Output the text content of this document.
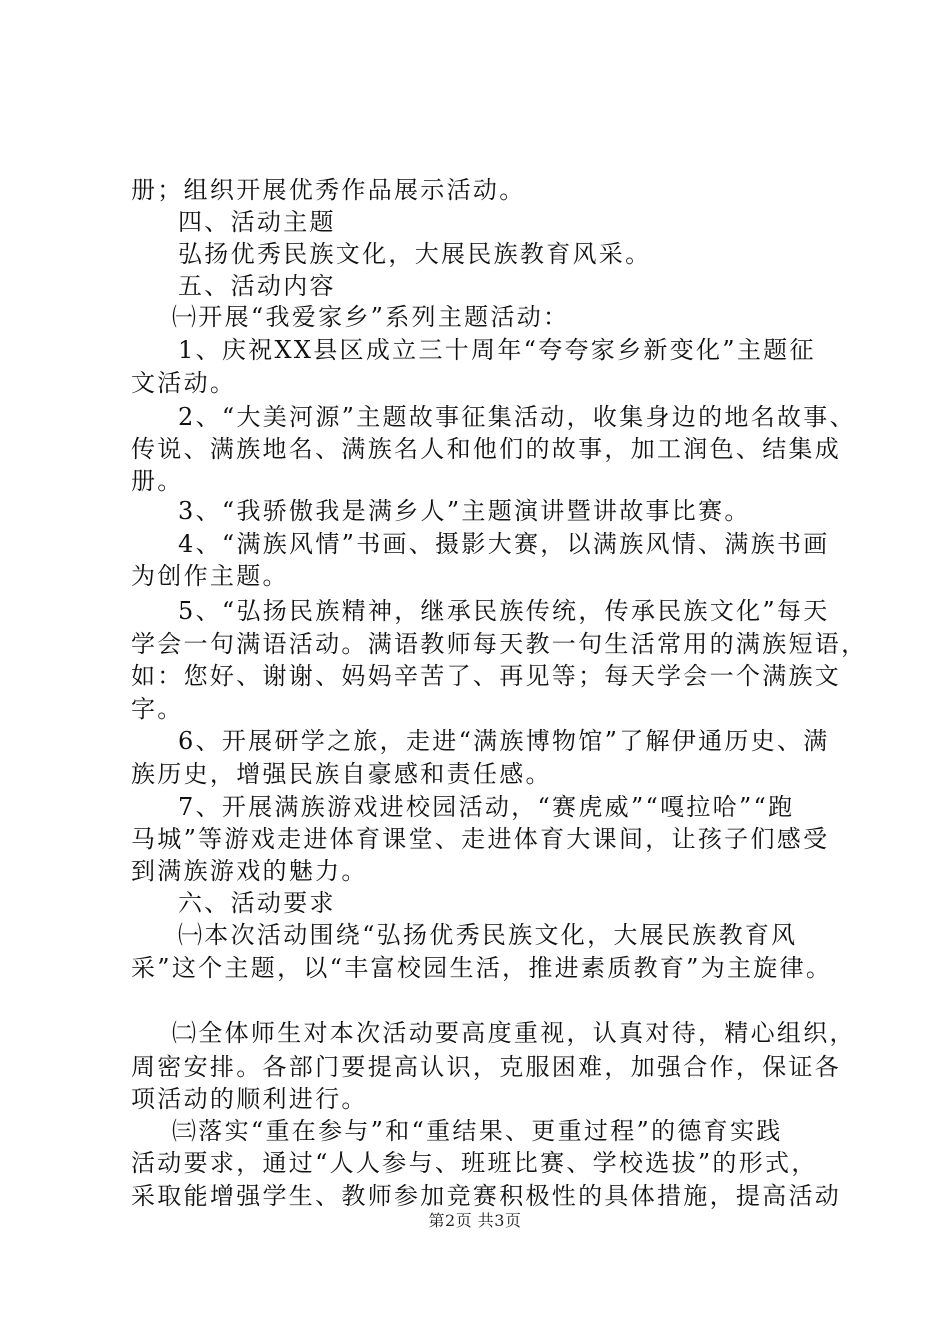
册；组织开展优秀作品展示活动。
四、活动主题
弘扬优秀民族文化，大展民族教育风采。
五、活动内容
㈠开展“我爱家乡”系列主题活动：
1、庆祝XX县区成立三十周年“夸夸家乡新变化”主题征
文活动。
2、“大美河源”主题故事征集活动，收集身边的地名故事、
传说、满族地名、满族名人和他们的故事，加工润色、结集成
册。
3、“我骄傲我是满乡人”主题演讲暨讲故事比赛。
4、“满族风情”书画、摄影大赛，以满族风情、满族书画
为创作主题。
5、“弘扬民族精神，继承民族传统，传承民族文化”每天
学会一句满语活动。满语教师每天教一句生活常用的满族短语，
如：您好、谢谢、妈妈辛苦了、再见等；每天学会一个满族文
字。
6、开展研学之旅，走进“满族博物馆”了解伊通历史、满
族历史，增强民族自豪感和责任感。
7、开展满族游戏进校园活动，“赛虎威”“嘎拉哈”“跑
马城”等游戏走进体育课堂、走进体育大课间，让孩子们感受
到满族游戏的魅力。
六、活动要求
㈠本次活动围绕“弘扬优秀民族文化，大展民族教育风
采”这个主题，以“丰富校园生活，推进素质教育”为主旋律。
㈡全体师生对本次活动要高度重视，认真对待，精心组织，
周密安排。各部门要提高认识，克服困难，加强合作，保证各
项活动的顺利进行。
㈢落实“重在参与”和“重结果、更重过程”的德育实践
活动要求，通过“人人参与、班班比赛、学校选拔”的形式，
采取能增强学生、教师参加竞赛积极性的具体措施，提高活动
第2页 共3页
